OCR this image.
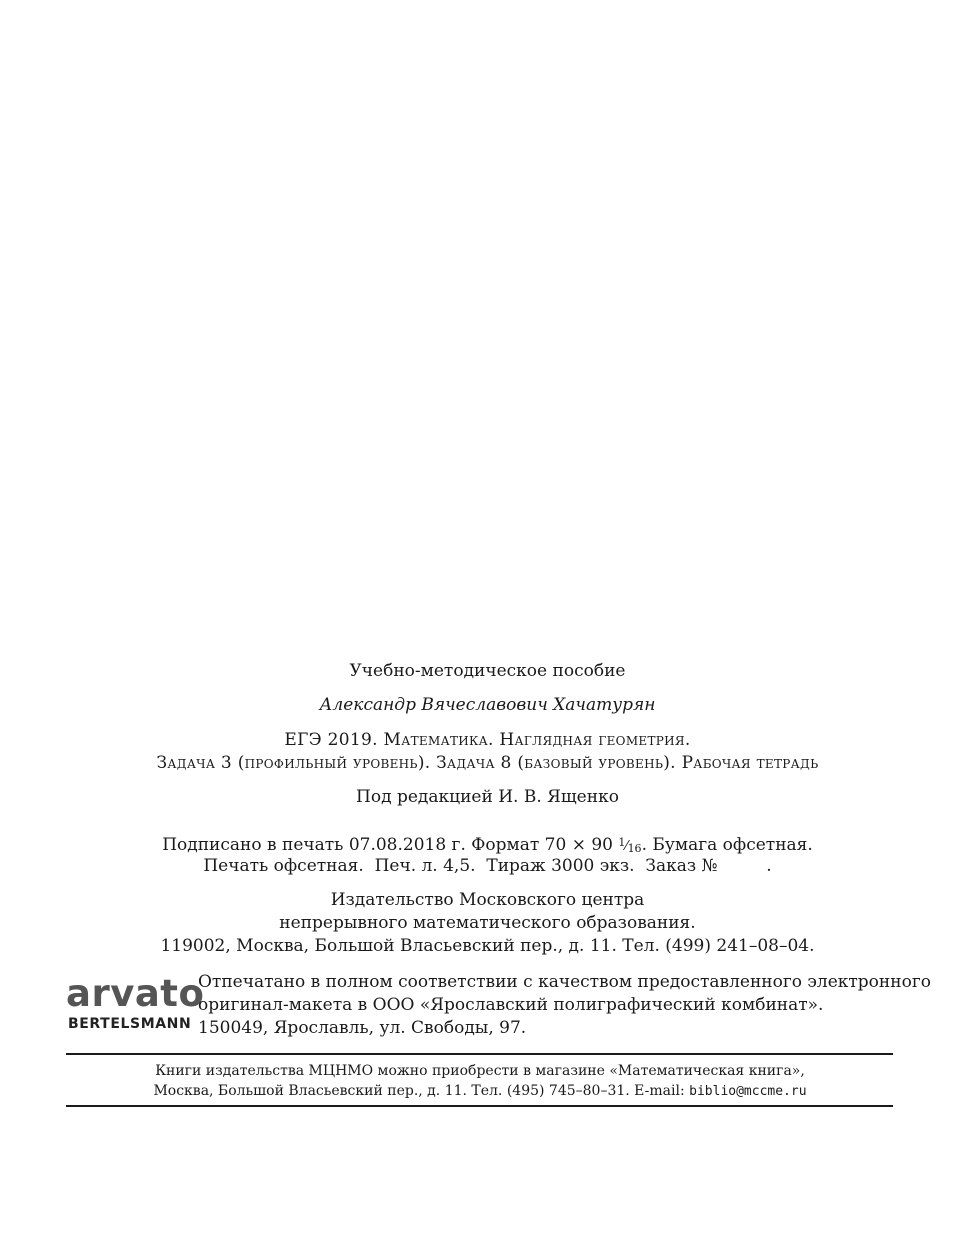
Учебно-методическое пособие
Александр Вячеславович Хачатурян
ЕГЭ 2019. Математика. Наглядная геометрия.
Задача 3 (профильный уровень). Задача 8 (базовый уровень). Рабочая тетрадь
Под редакцией И. В. Ященко
Подписано в печать 07.08.2018 г. Формат 70 × 90 $^1⁄_{16}$. Бумага офсетная.
Печать офсетная.  Печ. л. 4,5.  Тираж 3000 экз.  Заказ №         .
Издательство Московского центра
непрерывного математического образования.
119002, Москва, Большой Власьевский пер., д. 11. Тел. (499) 241–08–04.
arvato
BERTELSMANN
Отпечатано в полном соответствии с качеством предоставленного электронного
оригинал-макета в ООО «Ярославский полиграфический комбинат».
150049, Ярославль, ул. Свободы, 97.
Книги издательства МЦНМО можно приобрести в магазине «Математическая книга»,
Москва, Большой Власьевский пер., д. 11. Тел. (495) 745–80–31. E-mail: biblio@mccme.ru
